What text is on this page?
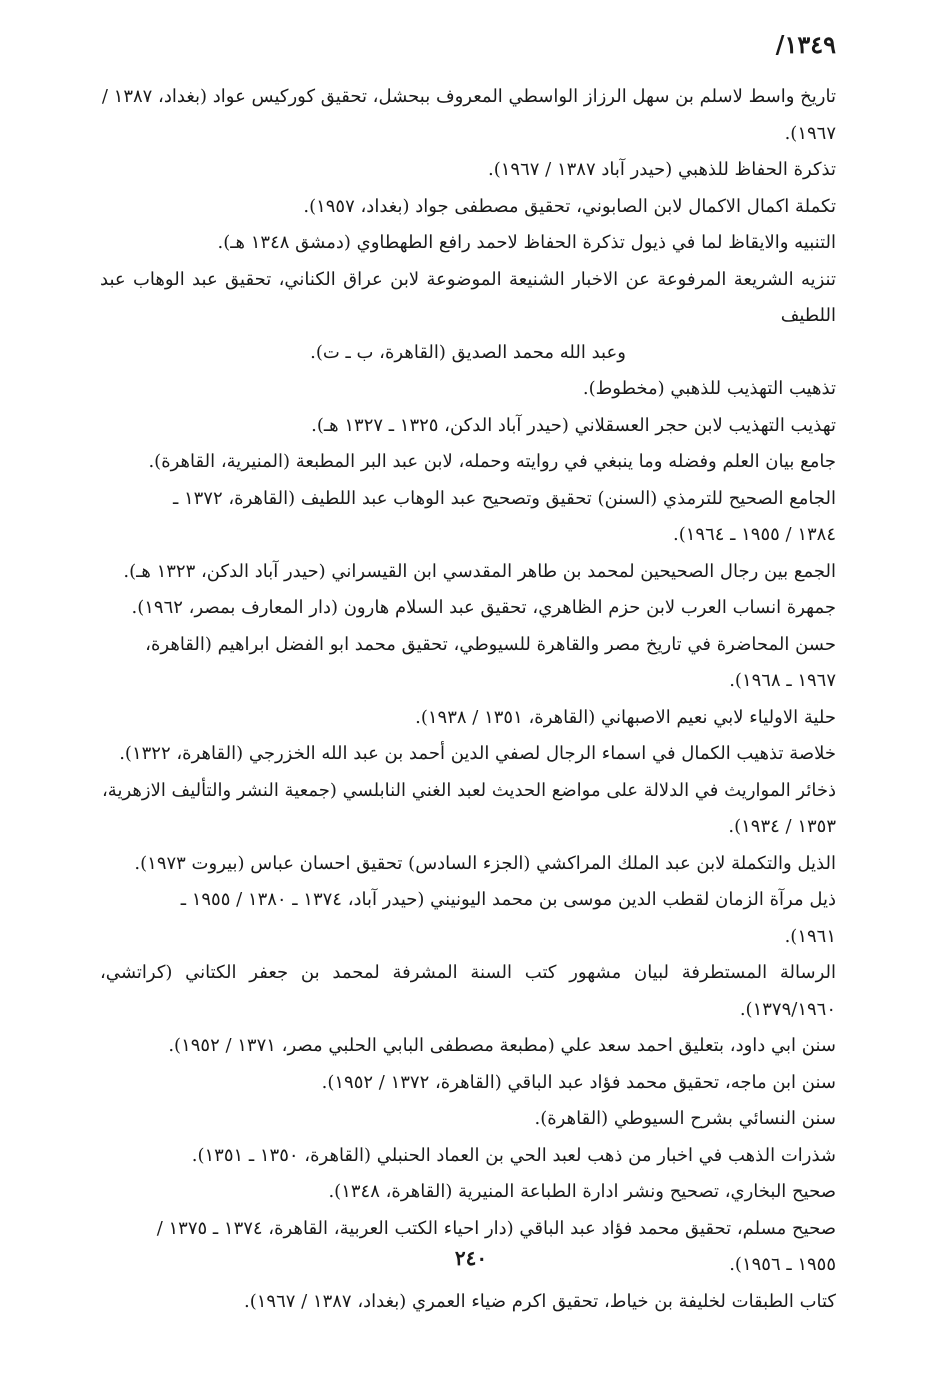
١٣٤٩/
تاريخ واسط لاسلم بن سهل الرزاز الواسطي المعروف ببحشل، تحقيق كوركيس عواد (بغداد، ١٣٨٧ /
١٩٦٧).
تذكرة الحفاظ للذهبي (حيدر آباد ١٣٨٧ / ١٩٦٧).
تكملة اكمال الاكمال لابن الصابوني، تحقيق مصطفى جواد (بغداد، ١٩٥٧).
التنبيه والايقاظ لما في ذيول تذكرة الحفاظ لاحمد رافع الطهطاوي (دمشق ١٣٤٨ هـ).
تنزيه الشريعة المرفوعة عن الاخبار الشنيعة الموضوعة لابن عراق الكناني، تحقيق عبد الوهاب عبد اللطيف
وعبد الله محمد الصديق (القاهرة، ب ـ ت).
تذهيب التهذيب للذهبي (مخطوط).
تهذيب التهذيب لابن حجر العسقلاني (حيدر آباد الدكن، ١٣٢٥ ـ ١٣٢٧ هـ).
جامع بيان العلم وفضله وما ينبغي في روايته وحمله، لابن عبد البر المطبعة (المنيرية، القاهرة).
الجامع الصحيح للترمذي (السنن) تحقيق وتصحيح عبد الوهاب عبد اللطيف (القاهرة، ١٣٧٢ ـ
١٣٨٤ / ١٩٥٥ ـ ١٩٦٤).
الجمع بين رجال الصحيحين لمحمد بن طاهر المقدسي ابن القيسراني (حيدر آباد الدكن، ١٣٢٣ هـ).
جمهرة انساب العرب لابن حزم الظاهري، تحقيق عبد السلام هارون (دار المعارف بمصر، ١٩٦٢).
حسن المحاضرة في تاريخ مصر والقاهرة للسيوطي، تحقيق محمد ابو الفضل ابراهيم (القاهرة،
١٩٦٧ ـ ١٩٦٨).
حلية الاولياء لابي نعيم الاصبهاني (القاهرة، ١٣٥١ / ١٩٣٨).
خلاصة تذهيب الكمال في اسماء الرجال لصفي الدين أحمد بن عبد الله الخزرجي (القاهرة، ١٣٢٢).
ذخائر المواريث في الدلالة على مواضع الحديث لعبد الغني النابلسي (جمعية النشر والتأليف الازهرية،
١٣٥٣ / ١٩٣٤).
الذيل والتكملة لابن عبد الملك المراكشي (الجزء السادس) تحقيق احسان عباس (بيروت ١٩٧٣).
ذيل مرآة الزمان لقطب الدين موسى بن محمد اليونيني (حيدر آباد، ١٣٧٤ ـ ١٣٨٠ / ١٩٥٥ ـ
١٩٦١).
الرسالة المستطرفة لبيان مشهور كتب السنة المشرفة لمحمد بن جعفر الكتاني (كراتشي، ١٣٧٩/١٩٦٠).
سنن ابي داود، بتعليق احمد سعد علي (مطبعة مصطفى البابي الحلبي مصر، ١٣٧١ / ١٩٥٢).
سنن ابن ماجه، تحقيق محمد فؤاد عبد الباقي (القاهرة، ١٣٧٢ / ١٩٥٢).
سنن النسائي بشرح السيوطي (القاهرة).
شذرات الذهب في اخبار من ذهب لعبد الحي بن العماد الحنبلي (القاهرة، ١٣٥٠ ـ ١٣٥١).
صحيح البخاري، تصحيح ونشر ادارة الطباعة المنيرية (القاهرة، ١٣٤٨).
صحيح مسلم، تحقيق محمد فؤاد عبد الباقي (دار احياء الكتب العربية، القاهرة، ١٣٧٤ ـ ١٣٧٥ /
١٩٥٥ ـ ١٩٥٦).
كتاب الطبقات لخليفة بن خياط، تحقيق اكرم ضياء العمري (بغداد، ١٣٨٧ / ١٩٦٧).
٢٤٠
